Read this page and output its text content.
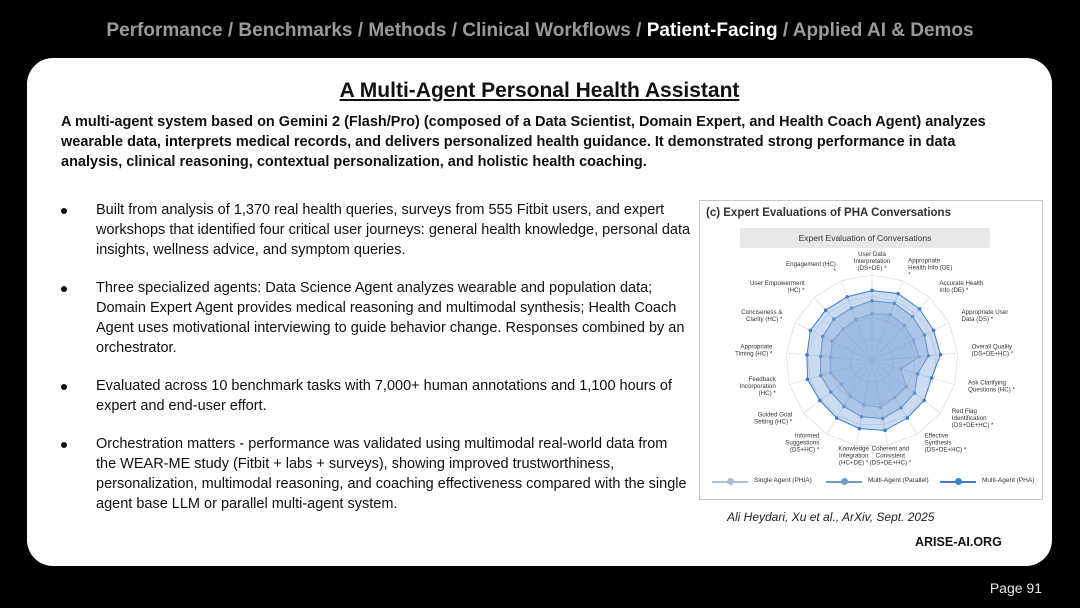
Performance / Benchmarks / Methods / Clinical Workflows / Patient-Facing / Applied AI & Demos
A Multi-Agent Personal Health Assistant

A multi-agent system based on Gemini 2 (Flash/Pro) (composed of a Data Scientist, Domain Expert, and Health Coach Agent) analyzes wearable data, interprets medical records, and delivers personalized health guidance. It demonstrated strong performance in data analysis, clinical reasoning, contextual personalization, and holistic health coaching.

Built from analysis of 1,370 real health queries, surveys from 555 Fitbit users, and expert workshops that identified four critical user journeys: general health knowledge, personal data insights, wellness advice, and symptom queries.
Three specialized agents: Data Science Agent analyzes wearable and population data; Domain Expert Agent provides medical reasoning and multimodal synthesis; Health Coach Agent uses motivational interviewing to guide behavior change. Responses combined by an orchestrator.
Evaluated across 10 benchmark tasks with 7,000+ human annotations and 1,100 hours of expert and end-user effort.
Orchestration matters - performance was validated using multimodal real-world data from the WEAR-ME study (Fitbit + labs + surveys), showing improved trustworthiness, personalization, multimodal reasoning, and coaching effectiveness compared with the single agent base LLM or parallel multi-agent system.
(c) Expert Evaluations of PHA Conversations
Expert Evaluation of Conversations
User Data Interpretation (DS+DE) *
Appropriate Health Info (DE) *
Accurate Health Info (DE) *
Appropriate User Data (DS) *
Overall Quality (DS+DE+HC) *
Ask Clarifying Questions (HC) *
Red Flag Identification (DS+DE+HC) *
Effective Synthesis (DS+DE+HC) *
Coherent and Consistent (DS+DE+HC) *
Knowledge Integration (HC+DE) *
Informed Suggestions (DS+HC) *
Guided Goal Setting (HC) *
Feedback Incorporation (HC) *
Appropriate Timing (HC) *
Conciseness & Clarity (HC) *
User Empowerment (HC) *
Engagement (HC) *
Single Agent (PHIA)	Multi-Agent (Parallel)	Multi-Agent (PHA)
Ali Heydari, Xu et al., ArXiv, Sept. 2025
ARISE-AI.ORG
Page 91
